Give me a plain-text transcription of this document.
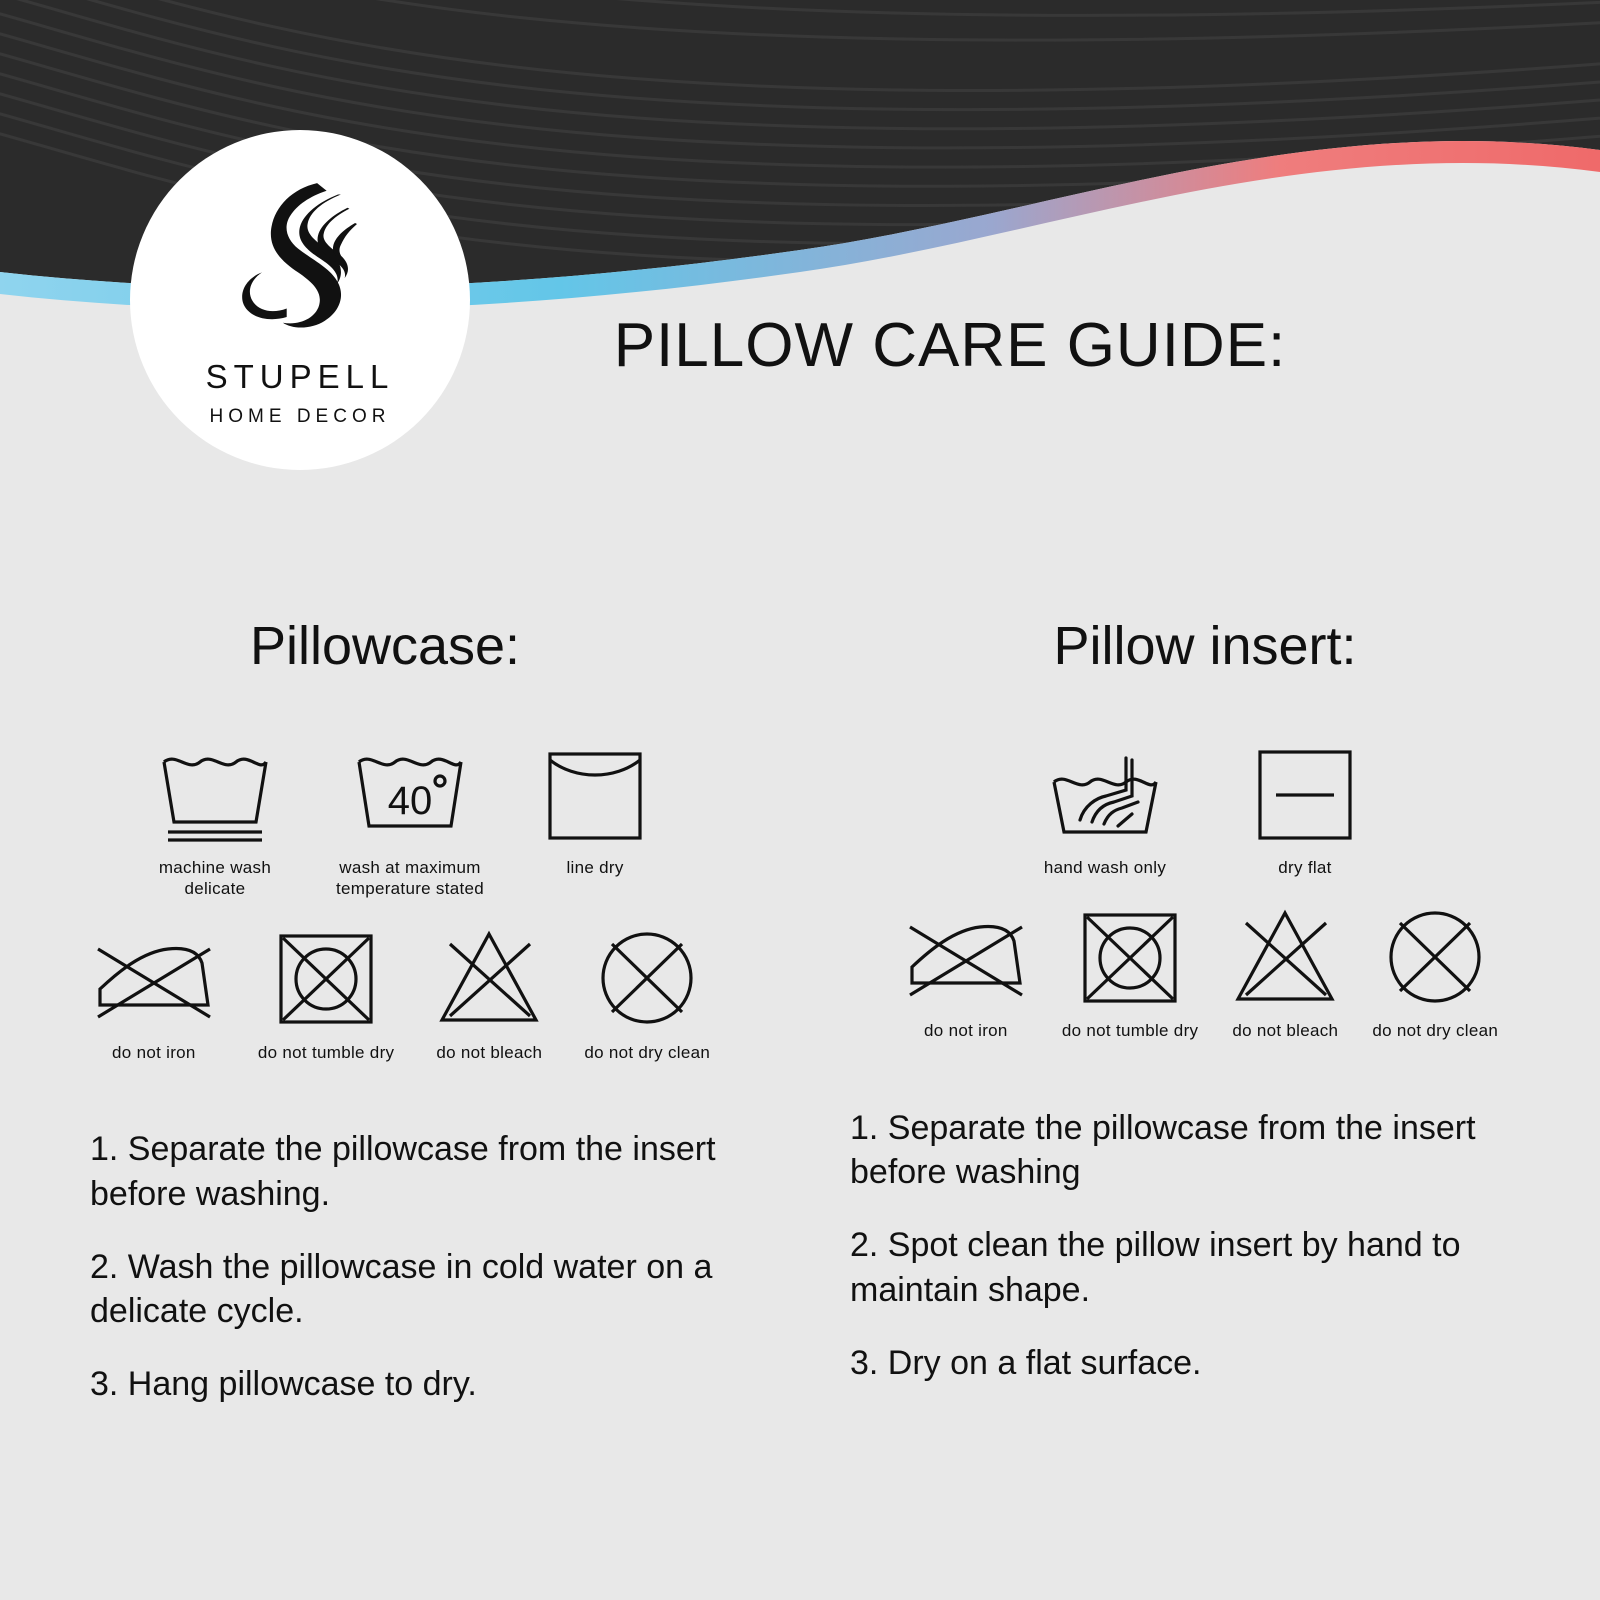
STUPELL
HOME DECOR
PILLOW CARE GUIDE:
Pillowcase:
machine wash
delicate
40
wash at maximum
temperature stated
line dry
do not iron	do not tumble dry do not bleach do not dry clean
1. Separate the pillowcase from the insert before washing.
2. Wash the pillowcase in cold water on a delicate cycle.
3. Hang pillowcase to dry.
Pillow insert:
hand wash only	dry flat
do not iron	do not tumble dry do not bleach do not dry clean
1. Separate the pillowcase from the insert before washing
2. Spot clean the pillow insert by hand to maintain shape.
3. Dry on a flat surface.
